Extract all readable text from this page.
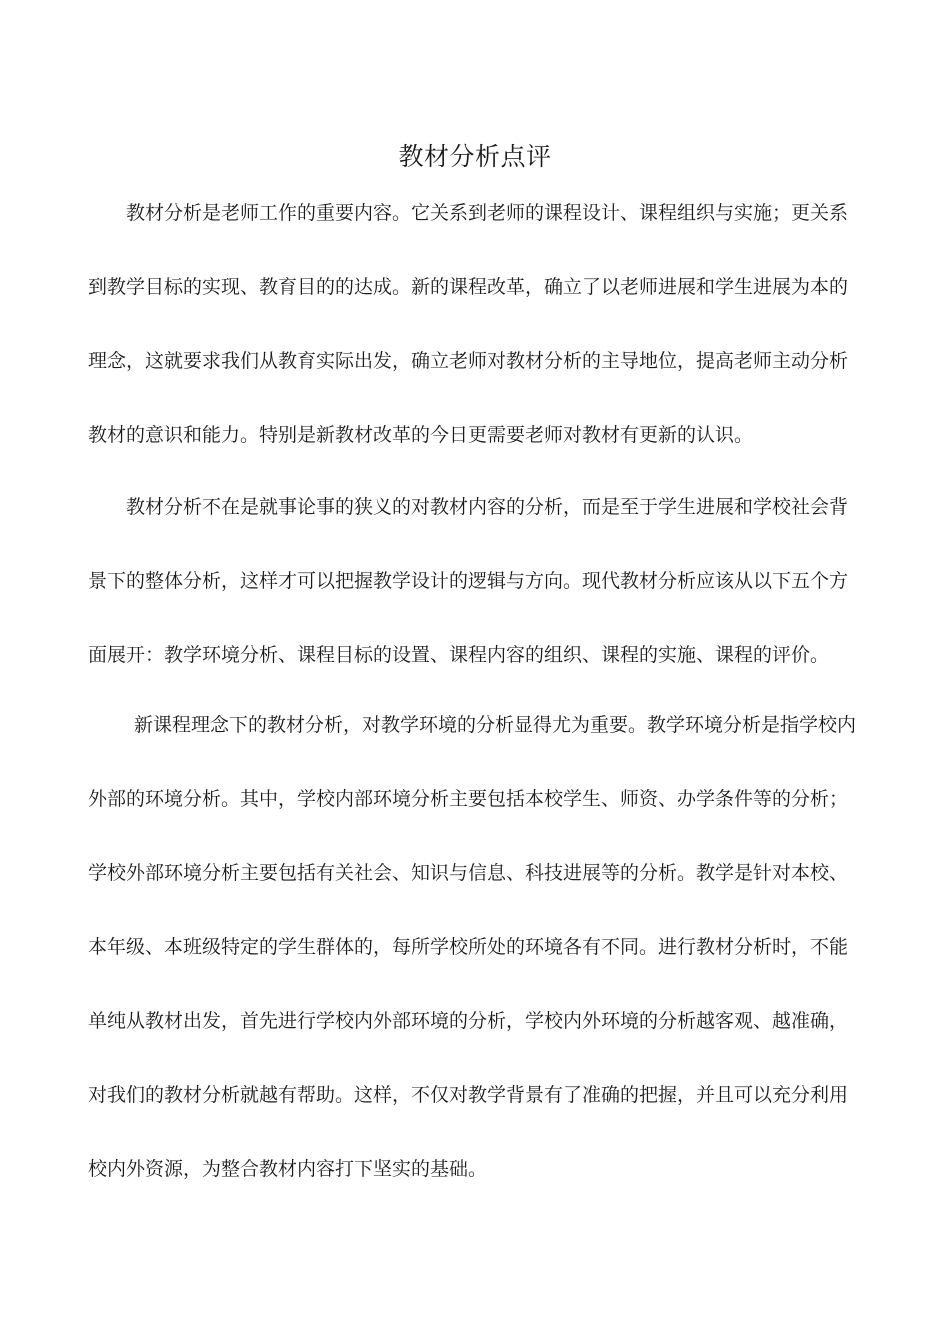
教材分析点评

教材分析是老师工作的重要内容。它关系到老师的课程设计、课程组织与实施；更关系到教学目标的实现、教育目的的达成。新的课程改革，确立了以老师进展和学生进展为本的理念，这就要求我们从教育实际出发，确立老师对教材分析的主导地位，提高老师主动分析教材的意识和能力。特别是新教材改革的今日更需要老师对教材有更新的认识。

教材分析不在是就事论事的狭义的对教材内容的分析，而是至于学生进展和学校社会背景下的整体分析，这样才可以把握教学设计的逻辑与方向。现代教材分析应该从以下五个方面展开：教学环境分析、课程目标的设置、课程内容的组织、课程的实施、课程的评价。

新课程理念下的教材分析，对教学环境的分析显得尤为重要。教学环境分析是指学校内外部的环境分析。其中，学校内部环境分析主要包括本校学生、师资、办学条件等的分析；学校外部环境分析主要包括有关社会、知识与信息、科技进展等的分析。教学是针对本校、本年级、本班级特定的学生群体的，每所学校所处的环境各有不同。进行教材分析时，不能单纯从教材出发，首先进行学校内外部环境的分析，学校内外环境的分析越客观、越准确，对我们的教材分析就越有帮助。这样，不仅对教学背景有了准确的把握，并且可以充分利用校内外资源，为整合教材内容打下坚实的基础。
